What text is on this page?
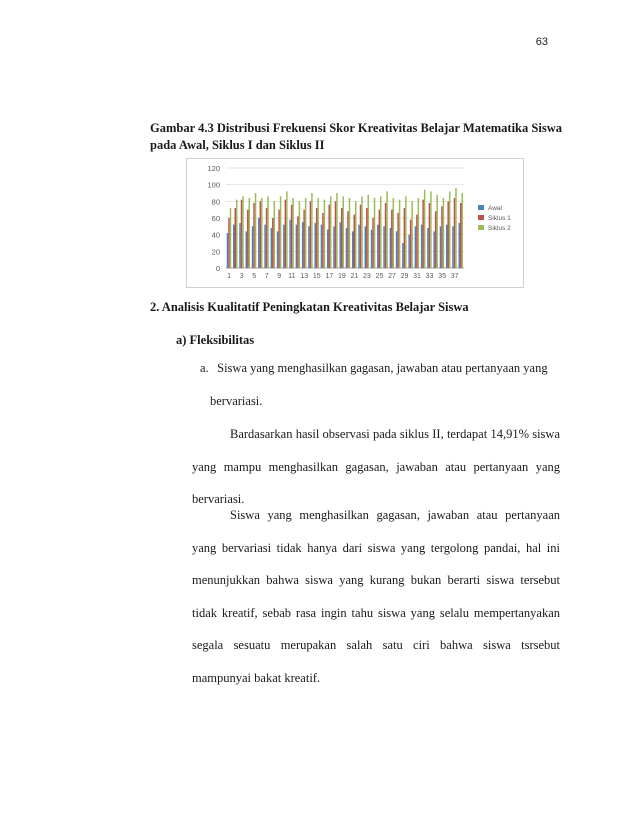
63
Gambar 4.3 Distribusi Frekuensi Skor Kreativitas Belajar Matematika Siswa pada Awal, Siklus I dan Siklus II
0
20
40
60
80
100
120
1 3 5 7 9 11 13 15 17 19 21 23 25 27 29 31 33 35 37
Awal
Siklus 1
Siklus 2
2. Analisis Kualitatif Peningkatan Kreativitas Belajar Siswa
a) Fleksibilitas
a. Siswa yang menghasilkan gagasan, jawaban atau pertanyaan yang
bervariasi.

Bardasarkan hasil observasi pada siklus II, terdapat 14,91% siswa yang mampu menghasilkan gagasan, jawaban atau pertanyaan yang bervariasi.

Siswa yang menghasilkan gagasan, jawaban atau pertanyaan yang bervariasi tidak hanya dari siswa yang tergolong pandai, hal ini menunjukkan bahwa siswa yang kurang bukan berarti siswa tersebut tidak kreatif, sebab rasa ingin tahu siswa yang selalu mempertanyakan segala sesuatu merupakan salah satu ciri bahwa siswa tsrsebut mampunyai bakat kreatif.
